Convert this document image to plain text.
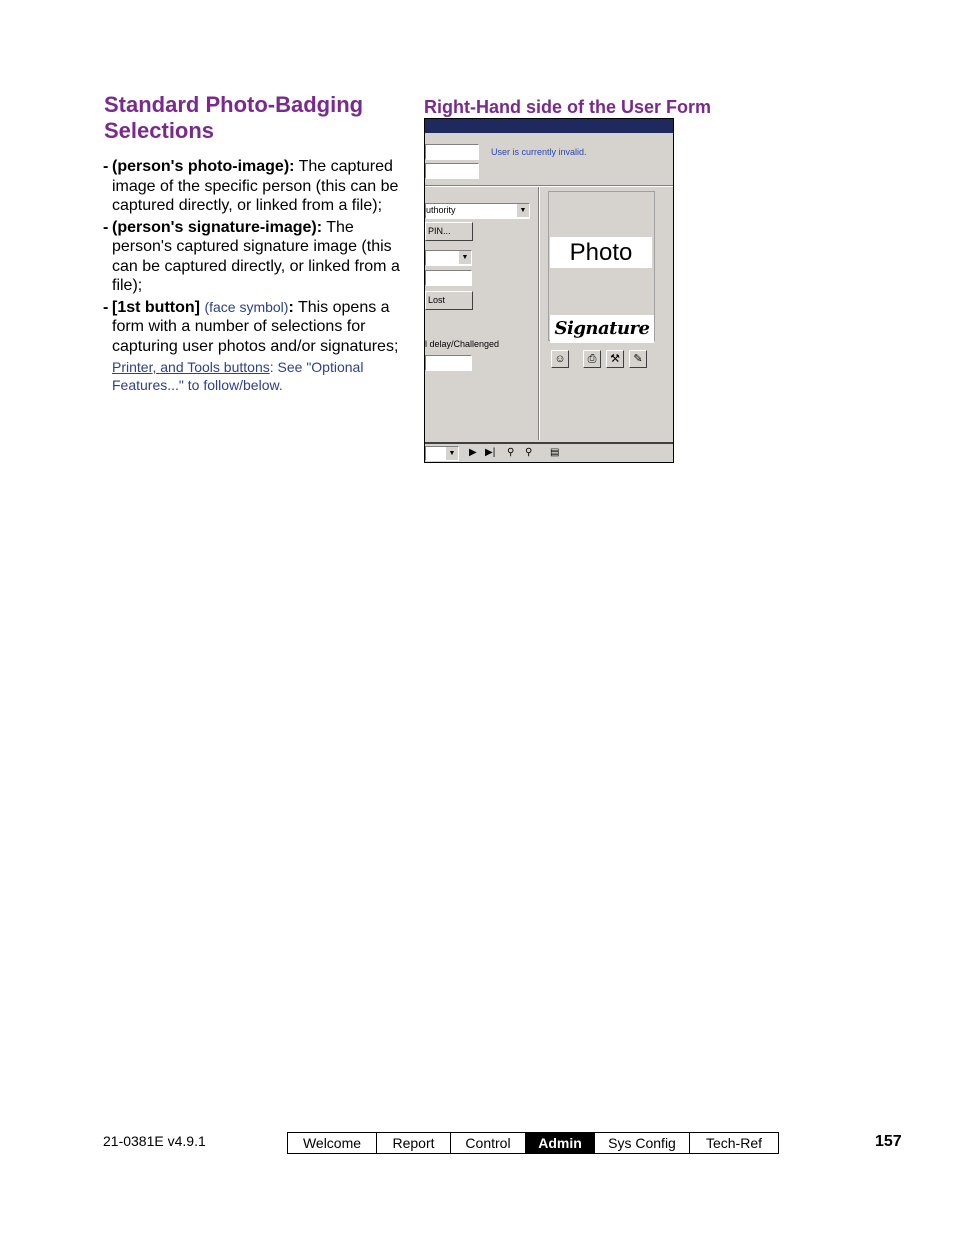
Standard Photo-Badging Selections
Right-Hand side of the User Form
- (person's photo-image): The captured image of the specific person (this can be captured directly, or linked from a file);
- (person's signature-image): The person's captured signature image (this can be captured directly, or linked from a file);
- [1st button] (face symbol): This opens a form with a number of selections for capturing user photos and/or signatures;
Printer, and Tools buttons: See "Optional Features..." to follow/below.
User is currently invalid.
uthority	▼
PIN...
▼
Lost
l delay/Challenged
Photo
Signature
☺	⎙	⚒	✎
▼ ▶ ▶| ⚲ ⚲ ▤
21-0381E v4.9.1	Welcome	Report	Control	Admin	Sys Config	Tech-Ref	157
